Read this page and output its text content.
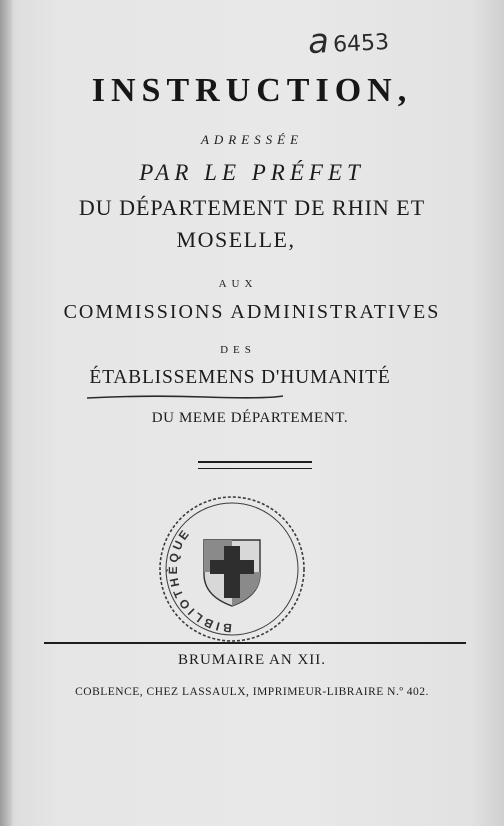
a 6453
INSTRUCTION,
ADRESSÉE
PAR LE PRÉFET
DU DÉPARTEMENT DE RHIN ET
MOSELLE,
AUX
COMMISSIONS ADMINISTRATIVES
DES
ÉTABLISSEMENS D'HUMANITÉ
DU MEME DÉPARTEMENT.
BIBLIOTHÈQUE
BRUMAIRE AN XII.
COBLENCE, CHEZ LASSAULX, IMPRIMEUR-LIBRAIRE N.º 402.
